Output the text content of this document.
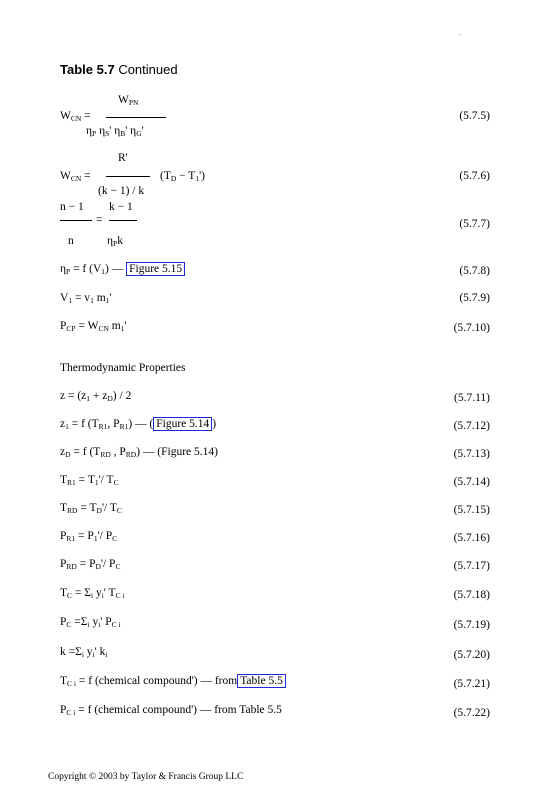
Table 5.7 Continued
$W_{PN}$
$W_{CN}$ =
$\eta_P$ $\eta_S'$ $\eta_B'$ $\eta_G'$
(5.7.5)
R'
$W_{CN}$ =	$(T_D - T_1')$
(k − 1) / k
(5.7.6)
n − 1 k − 1
=
n	$\eta_Pk$
(5.7.7)
$\eta_P = f$ $(V_1)$ — Figure 5.15	(5.7.8)
$V_1 = v_1$ $m_1'$	(5.7.9)
$P_{CP} = W_{CN}$ $m_1'$	(5.7.10)
Thermodynamic Properties
$z = (z_1 + z_D) / 2$	(5.7.11)
$z_1 = f$ ($T_{R1}$, $P_{R1}$) — ( Figure 5.14 )	(5.7.12)
$z_D = f$ ($T_{RD}$ , $P_{RD}$) — (Figure 5.14)	(5.7.13)
$T_{R1} = T_1'/$ $T_C$	(5.7.14)
$T_{RD} = T_D'/$ $T_C$	(5.7.15)
$P_{R1} = P_1'/$ $P_C$	(5.7.16)
$P_{RD} = P_D'/$ $P_C$	(5.7.17)
$T_C = \Sigma_i$ $y_i'$ $T_{C i}$	(5.7.18)
$P_C =\Sigma_i$ $y_i'$ $P_{C i}$	(5.7.19)
$k =\Sigma_i$ $y_i'$ $k_i$	(5.7.20)
$T_{C i} = f$ (chemical compound') — from Table 5.5	(5.7.21)
$P_{C i} = f$ (chemical compound') — from Table 5.5	(5.7.22)
Copyright © 2003 by Taylor & Francis Group LLC
